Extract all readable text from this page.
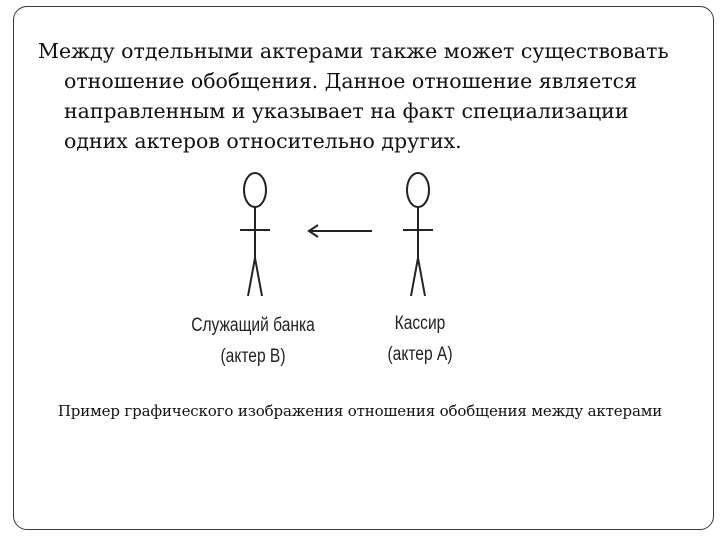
Между отдельными актерами также может существовать
отношение обобщения. Данное отношение является
направленным и указывает на факт специализации
одних актеров относительно других.

Служащий банка
(актер B)
Кассир
(актер A)
Пример графического изображения отношения обобщения между актерами
